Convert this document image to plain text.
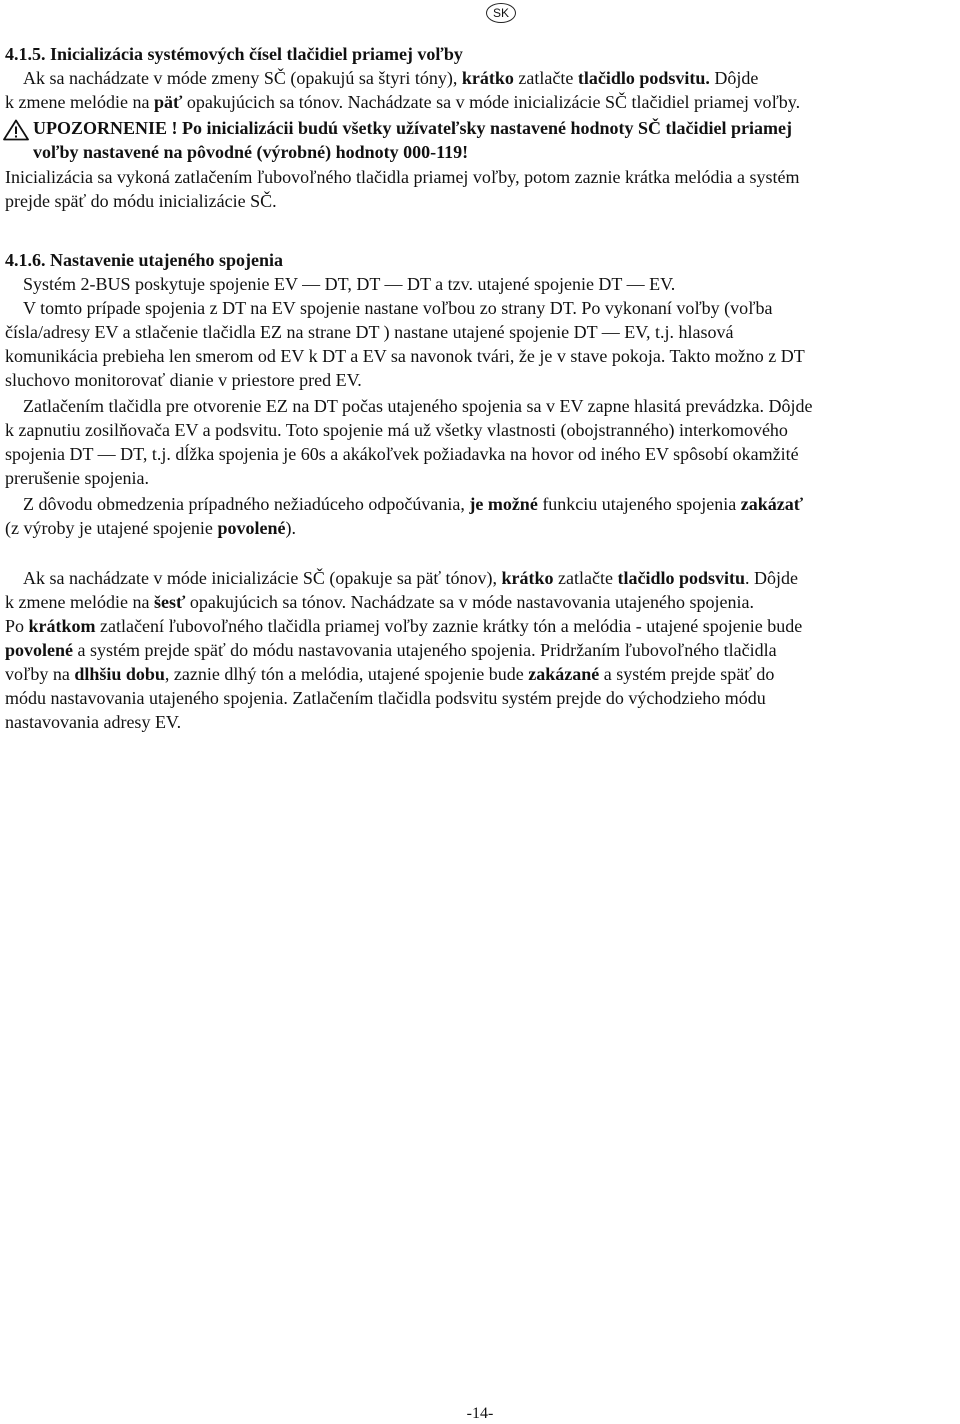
SK
4.1.5. Inicializácia systémových čísel tlačidiel priamej voľby
Ak sa nachádzate v móde zmeny SČ (opakujú sa štyri tóny), krátko zatlačte tlačidlo podsvitu. Dôjde
k zmene melódie na päť opakujúcich sa tónov. Nachádzate sa v móde inicializácie SČ tlačidiel priamej voľby.
UPOZORNENIE ! Po inicializácii budú všetky užívateľsky nastavené hodnoty SČ tlačidiel priamej
voľby nastavené na pôvodné (výrobné) hodnoty 000-119!
Inicializácia sa vykoná zatlačením ľubovoľného tlačidla priamej voľby, potom zaznie krátka melódia a systém
prejde späť do módu inicializácie SČ.
4.1.6. Nastavenie utajeného spojenia
Systém 2-BUS poskytuje spojenie EV — DT, DT — DT a tzv. utajené spojenie DT — EV.
V tomto prípade spojenia z DT na EV spojenie nastane voľbou zo strany DT. Po vykonaní voľby (voľba
čísla/adresy EV a stlačenie tlačidla EZ na strane DT ) nastane utajené spojenie DT — EV, t.j. hlasová
komunikácia prebieha len smerom od EV k DT a EV sa navonok tvári, že je v stave pokoja. Takto možno z DT
sluchovo monitorovať dianie v priestore pred EV.
Zatlačením tlačidla pre otvorenie EZ na DT počas utajeného spojenia sa v EV zapne hlasitá prevádzka. Dôjde
k zapnutiu zosilňovača EV a podsvitu. Toto spojenie má už všetky vlastnosti (obojstranného) interkomového
spojenia DT — DT, t.j. dĺžka spojenia je 60s a akákoľvek požiadavka na hovor od iného EV spôsobí okamžité
prerušenie spojenia.
Z dôvodu obmedzenia prípadného nežiadúceho odpočúvania, je možné funkciu utajeného spojenia zakázať
(z výroby je utajené spojenie povolené).
Ak sa nachádzate v móde inicializácie SČ (opakuje sa päť tónov), krátko zatlačte tlačidlo podsvitu. Dôjde
k zmene melódie na šesť opakujúcich sa tónov. Nachádzate sa v móde nastavovania utajeného spojenia.
Po krátkom zatlačení ľubovoľného tlačidla priamej voľby zaznie krátky tón a melódia - utajené spojenie bude
povolené a systém prejde späť do módu nastavovania utajeného spojenia. Pridržaním ľubovoľného tlačidla
voľby na dlhšiu dobu, zaznie dlhý tón a melódia, utajené spojenie bude zakázané a systém prejde späť do
módu nastavovania utajeného spojenia. Zatlačením tlačidla podsvitu systém prejde do východzieho módu
nastavovania adresy EV.
-14-
